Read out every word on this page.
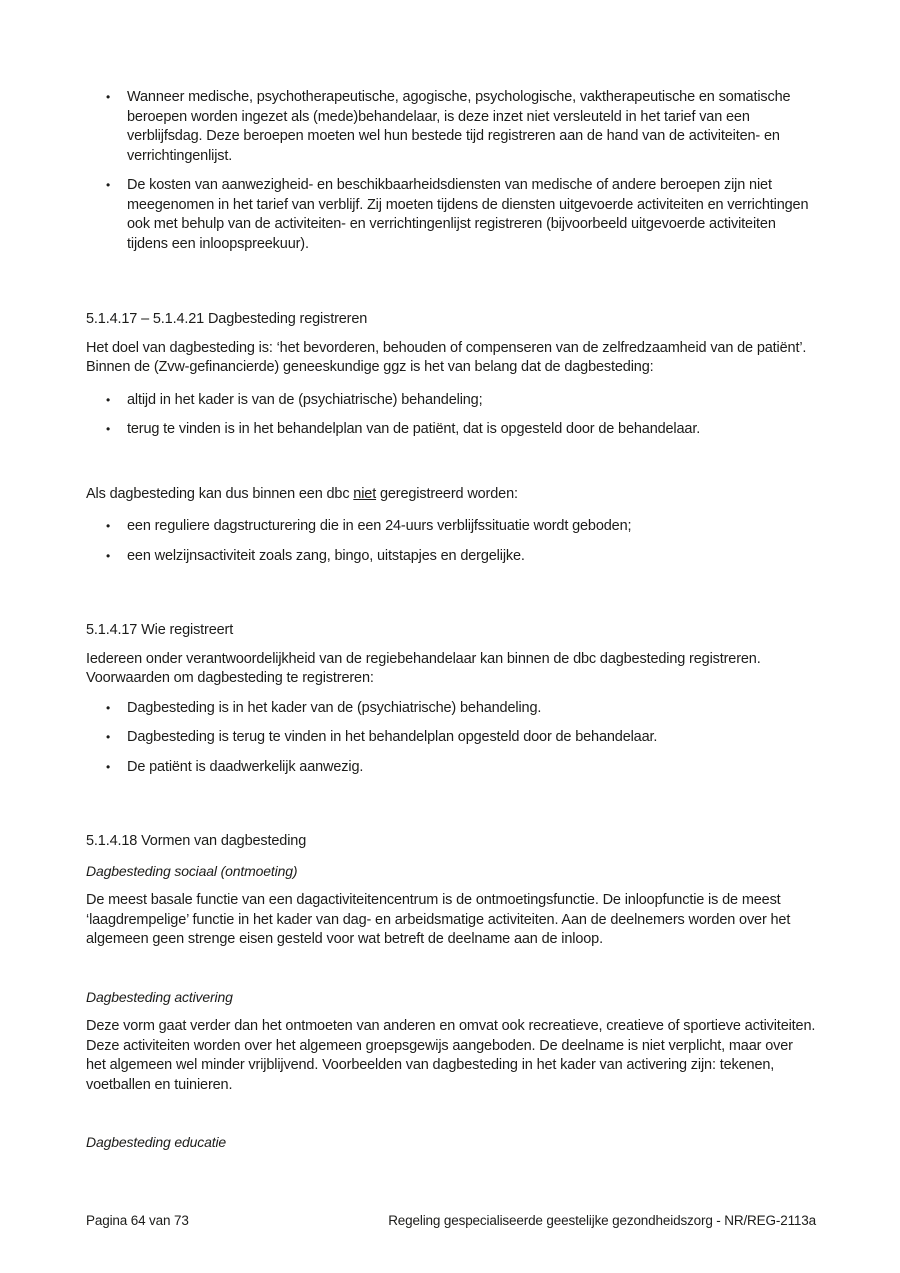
• Wanneer medische, psychotherapeutische, agogische, psychologische, vaktherapeutische en somatische beroepen worden ingezet als (mede)behandelaar, is deze inzet niet versleuteld in het tarief van een verblijfsdag. Deze beroepen moeten wel hun bestede tijd registreren aan de hand van de activiteiten- en verrichtingenlijst.
• De kosten van aanwezigheid- en beschikbaarheidsdiensten van medische of andere beroepen zijn niet meegenomen in het tarief van verblijf. Zij moeten tijdens de diensten uitgevoerde activiteiten en verrichtingen ook met behulp van de activiteiten- en verrichtingenlijst registreren (bijvoorbeeld uitgevoerde activiteiten tijdens een inloopspreekuur).
5.1.4.17 – 5.1.4.21 Dagbesteding registreren

Het doel van dagbesteding is: ‘het bevorderen, behouden of compenseren van de zelfredzaamheid van de patiënt’. Binnen de (Zvw-gefinancierde) geneeskundige ggz is het van belang dat de dagbesteding:

• altijd in het kader is van de (psychiatrische) behandeling;
• terug te vinden is in het behandelplan van de patiënt, dat is opgesteld door de behandelaar.

Als dagbesteding kan dus binnen een dbc niet geregistreerd worden:

• een reguliere dagstructurering die in een 24-uurs verblijfssituatie wordt geboden;
• een welzijnsactiviteit zoals zang, bingo, uitstapjes en dergelijke.
5.1.4.17 Wie registreert

Iedereen onder verantwoordelijkheid van de regiebehandelaar kan binnen de dbc dagbesteding registreren. Voorwaarden om dagbesteding te registreren:

• Dagbesteding is in het kader van de (psychiatrische) behandeling.
• Dagbesteding is terug te vinden in het behandelplan opgesteld door de behandelaar.
• De patiënt is daadwerkelijk aanwezig.
5.1.4.18 Vormen van dagbesteding

Dagbesteding sociaal (ontmoeting)

De meest basale functie van een dagactiviteitencentrum is de ontmoetingsfunctie. De inloopfunctie is de meest ‘laagdrempelige’ functie in het kader van dag- en arbeidsmatige activiteiten. Aan de deelnemers worden over het algemeen geen strenge eisen gesteld voor wat betreft de deelname aan de inloop.

Dagbesteding activering

Deze vorm gaat verder dan het ontmoeten van anderen en omvat ook recreatieve, creatieve of sportieve activiteiten. Deze activiteiten worden over het algemeen groepsgewijs aangeboden. De deelname is niet verplicht, maar over het algemeen wel minder vrijblijvend. Voorbeelden van dagbesteding in het kader van activering zijn: tekenen, voetballen en tuinieren.

Dagbesteding educatie

Pagina 64 van 73	Regeling gespecialiseerde geestelijke gezondheidszorg - NR/REG-2113a
